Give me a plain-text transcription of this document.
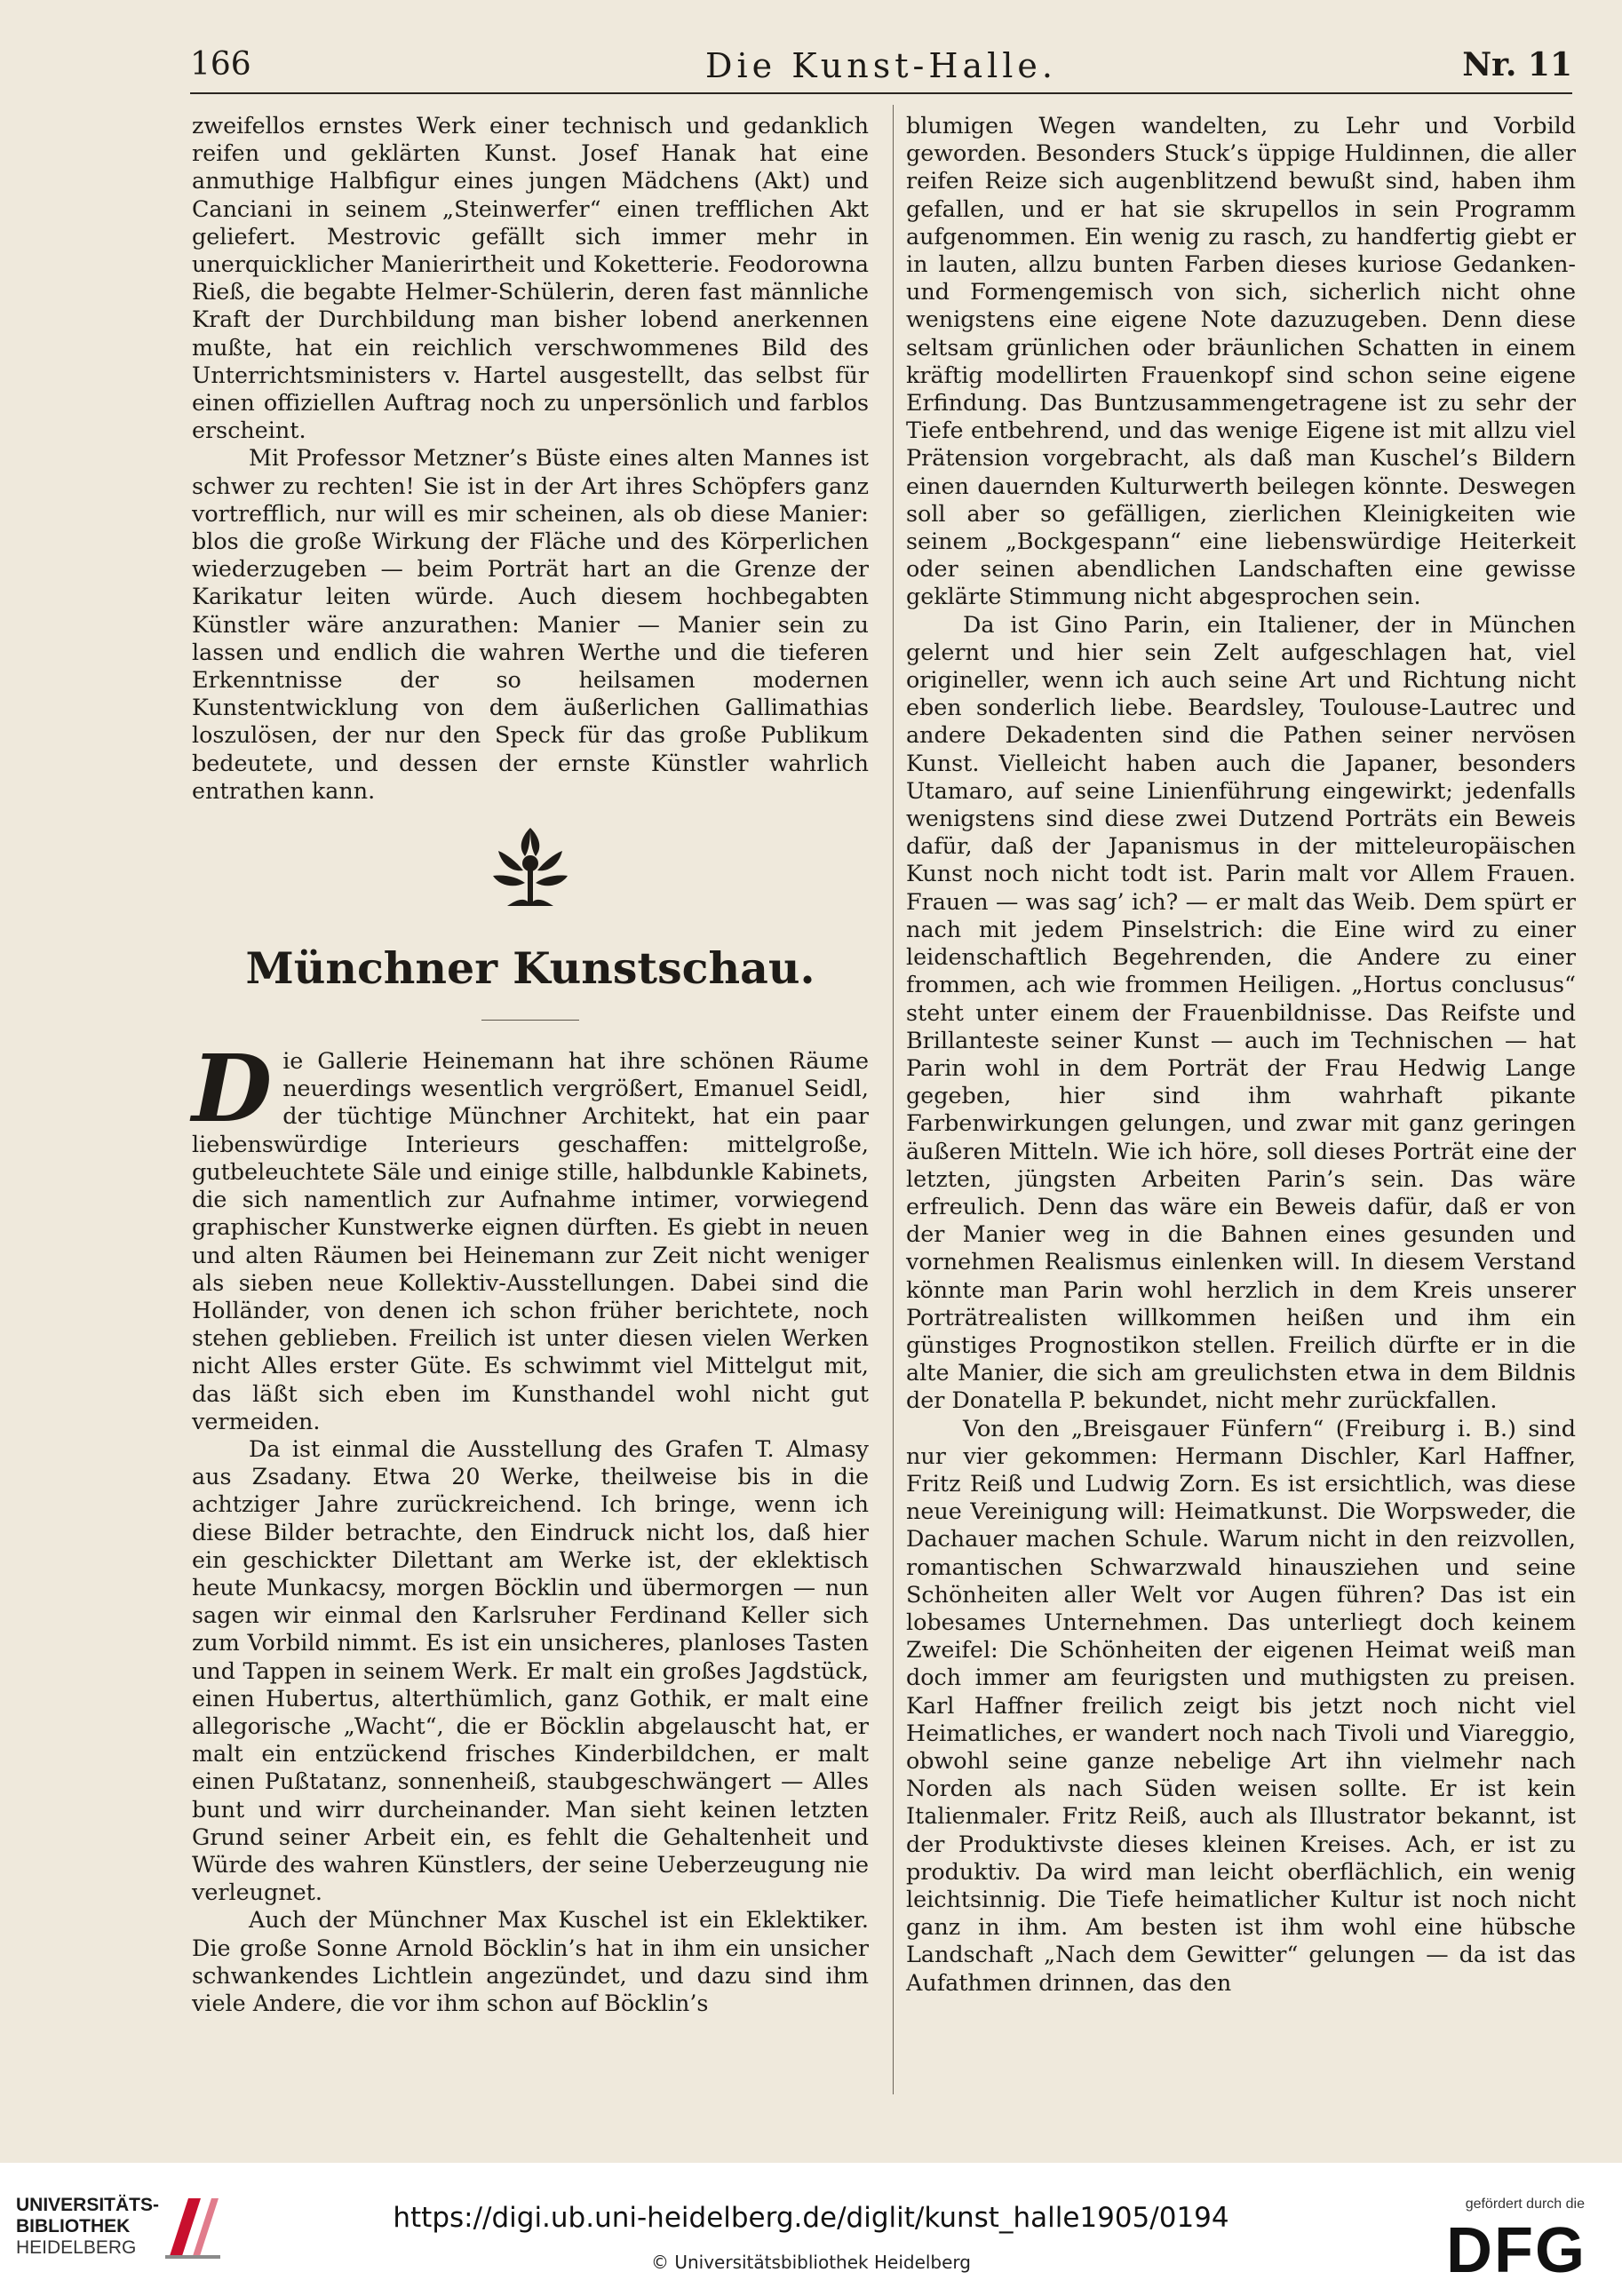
166	Die Kunst-Halle.	Nr. 11

zweifellos ernstes Werk einer technisch und gedanklich reifen und geklärten Kunst. Josef Hanak hat eine anmuthige Halbfigur eines jungen Mädchens (Akt) und Canciani in seinem „Steinwerfer“ einen trefflichen Akt geliefert. Mestrovic gefällt sich immer mehr in unerquicklicher Manierirtheit und Koketterie. Feodorowna Rieß, die begabte Helmer-Schülerin, deren fast männliche Kraft der Durchbildung man bisher lobend anerkennen mußte, hat ein reichlich verschwommenes Bild des Unterrichtsministers v. Hartel ausgestellt, das selbst für einen offiziellen Auftrag noch zu unpersönlich und farblos erscheint.

Mit Professor Metzner’s Büste eines alten Mannes ist schwer zu rechten! Sie ist in der Art ihres Schöpfers ganz vortrefflich, nur will es mir scheinen, als ob diese Manier: blos die große Wirkung der Fläche und des Körperlichen wiederzugeben — beim Porträt hart an die Grenze der Karikatur leiten würde. Auch diesem hochbegabten Künstler wäre anzurathen: Manier — Manier sein zu lassen und endlich die wahren Werthe und die tieferen Erkenntnisse der so heilsamen modernen Kunstentwicklung von dem äußerlichen Gallimathias loszulösen, der nur den Speck für das große Publikum bedeutete, und dessen der ernste Künstler wahrlich entrathen kann.

Münchner Kunstschau.

Die Gallerie Heinemann hat ihre schönen Räume neuerdings wesentlich vergrößert, Emanuel Seidl, der tüchtige Münchner Architekt, hat ein paar liebenswürdige Interieurs geschaffen: mittelgroße, gutbeleuchtete Säle und einige stille, halbdunkle Kabinets, die sich namentlich zur Aufnahme intimer, vorwiegend graphischer Kunstwerke eignen dürften. Es giebt in neuen und alten Räumen bei Heinemann zur Zeit nicht weniger als sieben neue Kollektiv-Ausstellungen. Dabei sind die Holländer, von denen ich schon früher berichtete, noch stehen geblieben. Freilich ist unter diesen vielen Werken nicht Alles erster Güte. Es schwimmt viel Mittelgut mit, das läßt sich eben im Kunsthandel wohl nicht gut vermeiden.

Da ist einmal die Ausstellung des Grafen T. Almasy aus Zsadany. Etwa 20 Werke, theilweise bis in die achtziger Jahre zurückreichend. Ich bringe, wenn ich diese Bilder betrachte, den Eindruck nicht los, daß hier ein geschickter Dilettant am Werke ist, der eklektisch heute Munkacsy, morgen Böcklin und übermorgen — nun sagen wir einmal den Karlsruher Ferdinand Keller sich zum Vorbild nimmt. Es ist ein unsicheres, planloses Tasten und Tappen in seinem Werk. Er malt ein großes Jagdstück, einen Hubertus, alterthümlich, ganz Gothik, er malt eine allegorische „Wacht“, die er Böcklin abgelauscht hat, er malt ein entzückend frisches Kinderbildchen, er malt einen Pußtatanz, sonnenheiß, staubgeschwängert — Alles bunt und wirr durcheinander. Man sieht keinen letzten Grund seiner Arbeit ein, es fehlt die Gehaltenheit und Würde des wahren Künstlers, der seine Ueberzeugung nie verleugnet.

Auch der Münchner Max Kuschel ist ein Eklektiker. Die große Sonne Arnold Böcklin’s hat in ihm ein unsicher schwankendes Lichtlein angezündet, und dazu sind ihm viele Andere, die vor ihm schon auf Böcklin’s

blumigen Wegen wandelten, zu Lehr und Vorbild geworden. Besonders Stuck’s üppige Huldinnen, die aller reifen Reize sich augenblitzend bewußt sind, haben ihm gefallen, und er hat sie skrupellos in sein Programm aufgenommen. Ein wenig zu rasch, zu handfertig giebt er in lauten, allzu bunten Farben dieses kuriose Gedanken- und Formengemisch von sich, sicherlich nicht ohne wenigstens eine eigene Note dazuzugeben. Denn diese seltsam grünlichen oder bräunlichen Schatten in einem kräftig modellirten Frauenkopf sind schon seine eigene Erfindung. Das Buntzusammengetragene ist zu sehr der Tiefe entbehrend, und das wenige Eigene ist mit allzu viel Prätension vorgebracht, als daß man Kuschel’s Bildern einen dauernden Kulturwerth beilegen könnte. Deswegen soll aber so gefälligen, zierlichen Kleinigkeiten wie seinem „Bockgespann“ eine liebenswürdige Heiterkeit oder seinen abendlichen Landschaften eine gewisse geklärte Stimmung nicht abgesprochen sein.

Da ist Gino Parin, ein Italiener, der in München gelernt und hier sein Zelt aufgeschlagen hat, viel origineller, wenn ich auch seine Art und Richtung nicht eben sonderlich liebe. Beardsley, Toulouse-Lautrec und andere Dekadenten sind die Pathen seiner nervösen Kunst. Vielleicht haben auch die Japaner, besonders Utamaro, auf seine Linienführung eingewirkt; jedenfalls wenigstens sind diese zwei Dutzend Porträts ein Beweis dafür, daß der Japanismus in der mitteleuropäischen Kunst noch nicht todt ist. Parin malt vor Allem Frauen. Frauen — was sag’ ich? — er malt das Weib. Dem spürt er nach mit jedem Pinselstrich: die Eine wird zu einer leidenschaftlich Begehrenden, die Andere zu einer frommen, ach wie frommen Heiligen. „Hortus conclusus“ steht unter einem der Frauenbildnisse. Das Reifste und Brillanteste seiner Kunst — auch im Technischen — hat Parin wohl in dem Porträt der Frau Hedwig Lange gegeben, hier sind ihm wahrhaft pikante Farbenwirkungen gelungen, und zwar mit ganz geringen äußeren Mitteln. Wie ich höre, soll dieses Porträt eine der letzten, jüngsten Arbeiten Parin’s sein. Das wäre erfreulich. Denn das wäre ein Beweis dafür, daß er von der Manier weg in die Bahnen eines gesunden und vornehmen Realismus einlenken will. In diesem Verstand könnte man Parin wohl herzlich in dem Kreis unserer Porträtrealisten willkommen heißen und ihm ein günstiges Prognostikon stellen. Freilich dürfte er in die alte Manier, die sich am greulichsten etwa in dem Bildnis der Donatella P. bekundet, nicht mehr zurückfallen.

Von den „Breisgauer Fünfern“ (Freiburg i. B.) sind nur vier gekommen: Hermann Dischler, Karl Haffner, Fritz Reiß und Ludwig Zorn. Es ist ersichtlich, was diese neue Vereinigung will: Heimatkunst. Die Worpsweder, die Dachauer machen Schule. Warum nicht in den reizvollen, romantischen Schwarzwald hinausziehen und seine Schönheiten aller Welt vor Augen führen? Das ist ein lobesames Unternehmen. Das unterliegt doch keinem Zweifel: Die Schönheiten der eigenen Heimat weiß man doch immer am feurigsten und muthigsten zu preisen. Karl Haffner freilich zeigt bis jetzt noch nicht viel Heimatliches, er wandert noch nach Tivoli und Viareggio, obwohl seine ganze nebelige Art ihn vielmehr nach Norden als nach Süden weisen sollte. Er ist kein Italienmaler. Fritz Reiß, auch als Illustrator bekannt, ist der Produktivste dieses kleinen Kreises. Ach, er ist zu produktiv. Da wird man leicht oberflächlich, ein wenig leichtsinnig. Die Tiefe heimatlicher Kultur ist noch nicht ganz in ihm. Am besten ist ihm wohl eine hübsche Landschaft „Nach dem Gewitter“ gelungen — da ist das Aufathmen drinnen, das den

UNIVERSITÄTS-
BIBLIOTHEK
HEIDELBERG
https://digi.ub.uni-heidelberg.de/diglit/kunst_halle1905/0194
© Universitätsbibliothek Heidelberg
gefördert durch die
DFG
